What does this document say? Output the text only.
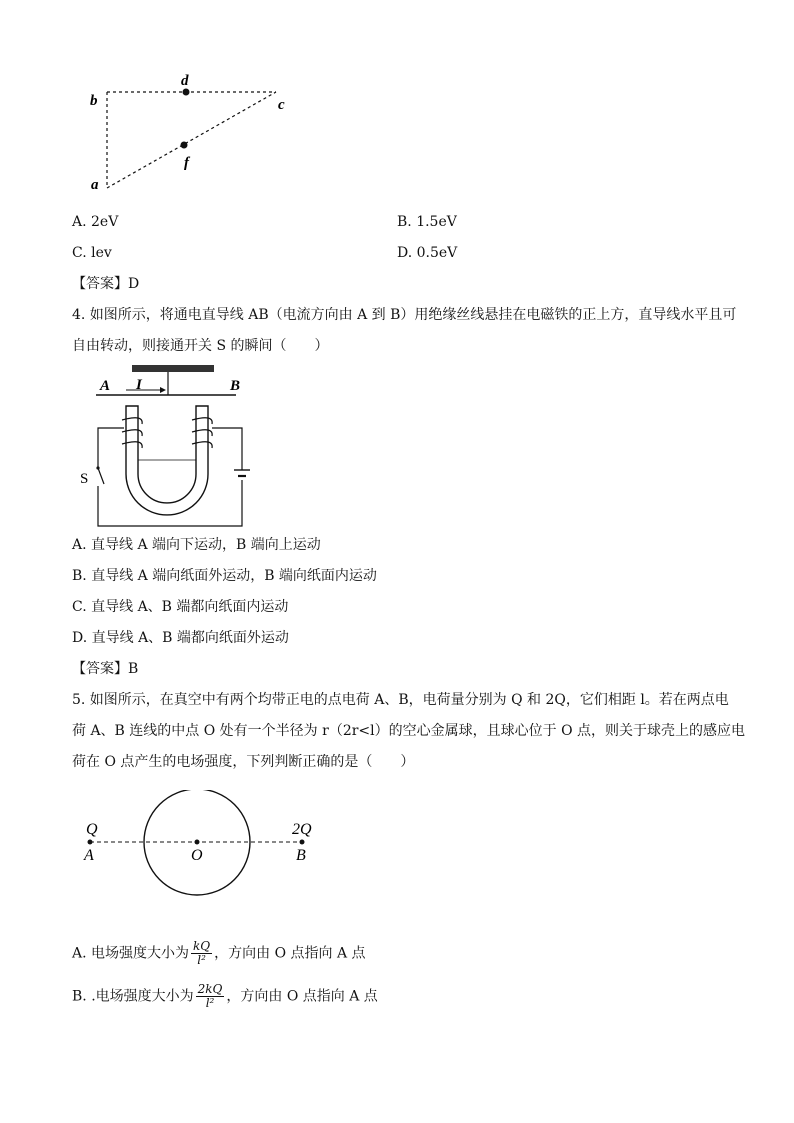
d
b	c
f
a
A. 2eV	B. 1.5eV
C. lev	D. 0.5eV
【答案】D
4. 如图所示，将通电直导线 AB（电流方向由 A 到 B）用绝缘丝线悬挂在电磁铁的正上方，直导线水平且可
自由转动，则接通开关 S 的瞬间（　　）
A I	B
S
A. 直导线 A 端向下运动，B 端向上运动
B. 直导线 A 端向纸面外运动，B 端向纸面内运动
C. 直导线 A、B 端都向纸面内运动
D. 直导线 A、B 端都向纸面外运动
【答案】B
5. 如图所示，在真空中有两个均带正电的点电荷 A、B，电荷量分别为 Q 和 2Q，它们相距 l。若在两点电
荷 A、B 连线的中点 O 处有一个半径为 r（2r<l）的空心金属球，且球心位于 O 点，则关于球壳上的感应电
荷在 O 点产生的电场强度，下列判断正确的是（　　）
Q
A	O
2Q
B
A. 电场强度大小为 $\frac{kQ}{\text{l²}}$ ，方向由 O 点指向 A 点
B. .电场强度大小为 $\frac{2kQ}{\text{l²}}$ ，方向由 O 点指向 A 点
